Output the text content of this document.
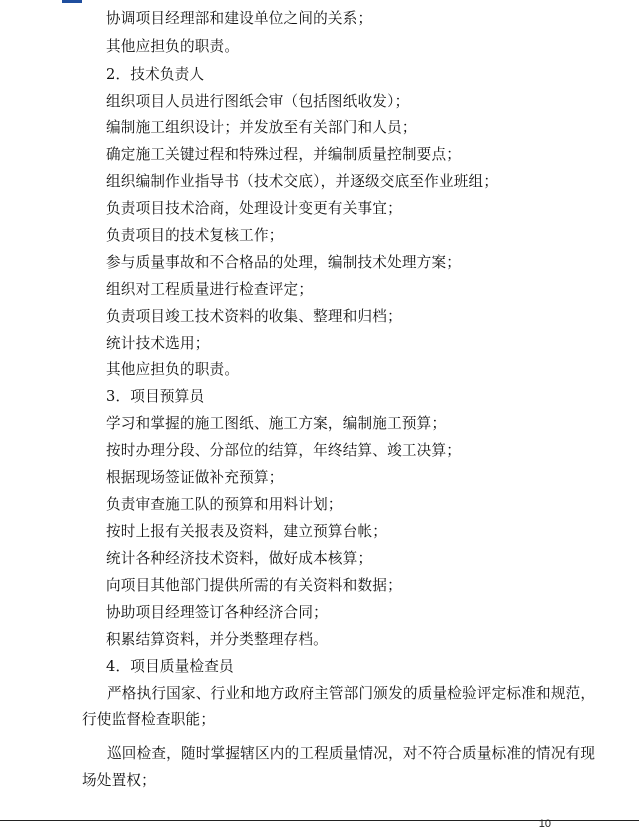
协调项目经理部和建设单位之间的关系；
其他应担负的职责。
2．技术负责人
组织项目人员进行图纸会审（包括图纸收发）；
编制施工组织设计；并发放至有关部门和人员；
确定施工关键过程和特殊过程，并编制质量控制要点；
组织编制作业指导书（技术交底），并逐级交底至作业班组；
负责项目技术洽商，处理设计变更有关事宜；
负责项目的技术复核工作；
参与质量事故和不合格品的处理，编制技术处理方案；
组织对工程质量进行检查评定；
负责项目竣工技术资料的收集、整理和归档；
统计技术选用；
其他应担负的职责。
3．项目预算员
学习和掌握的施工图纸、施工方案，编制施工预算；
按时办理分段、分部位的结算，年终结算、竣工决算；
根据现场签证做补充预算；
负责审查施工队的预算和用料计划；
按时上报有关报表及资料，建立预算台帐；
统计各种经济技术资料，做好成本核算；
向项目其他部门提供所需的有关资料和数据；
协助项目经理签订各种经济合同；
积累结算资料，并分类整理存档。
4．项目质量检查员
严格执行国家、行业和地方政府主管部门颁发的质量检验评定标准和规范，
行使监督检查职能；
巡回检查，随时掌握辖区内的工程质量情况，对不符合质量标准的情况有现
场处置权；
10
